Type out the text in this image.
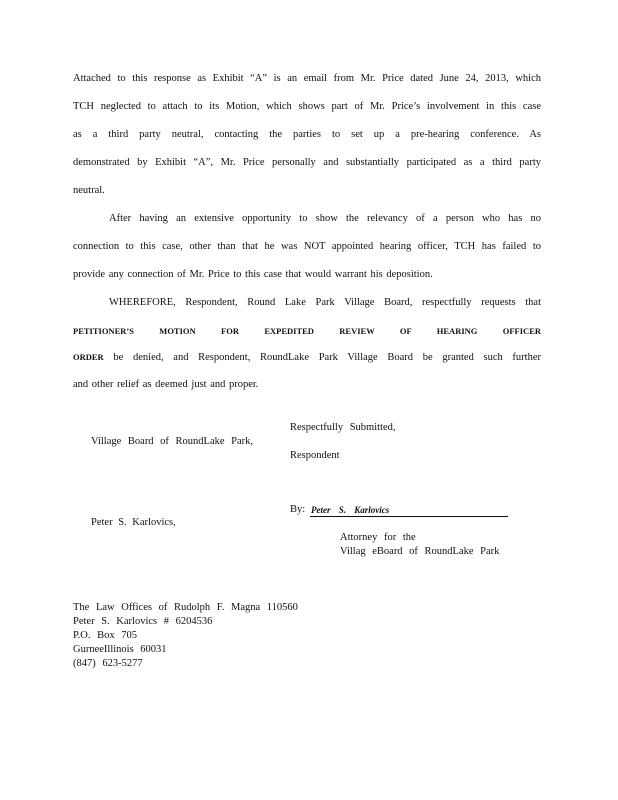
Attached to this response as Exhibit “A” is an email from Mr. Price dated June 24, 2013, which
TCH neglected to attach to its Motion, which shows part of Mr. Price’s involvement in this case
as a third party neutral, contacting the parties to set up a pre-hearing conference. As
demonstrated by Exhibit “A”, Mr. Price personally and substantially participated as a third party
neutral.
After having an extensive opportunity to show the relevancy of a person who has no
connection to this case, other than that he was NOT appointed hearing officer, TCH has failed to
provide any connection of Mr. Price to this case that would warrant his deposition.
WHEREFORE, Respondent, Round Lake Park Village Board, respectfully requests that
PETITIONER’S MOTION FOR EXPEDITED REVIEW OF HEARING OFFICER
ORDER be denied, and Respondent, RoundLake Park Village Board be granted such further
and other relief as deemed just and proper.
Respectfully Submitted,
Village Board of RoundLake Park,
Respondent
By: Peter S. Karlovics
Peter S. Karlovics,
Attorney for the
Villag eBoard of RoundLake Park
The Law Offices of Rudolph F. Magna 110560
Peter S. Karlovics # 6204536
P.O. Box 705
GurneeIllinois 60031
(847) 623-5277
